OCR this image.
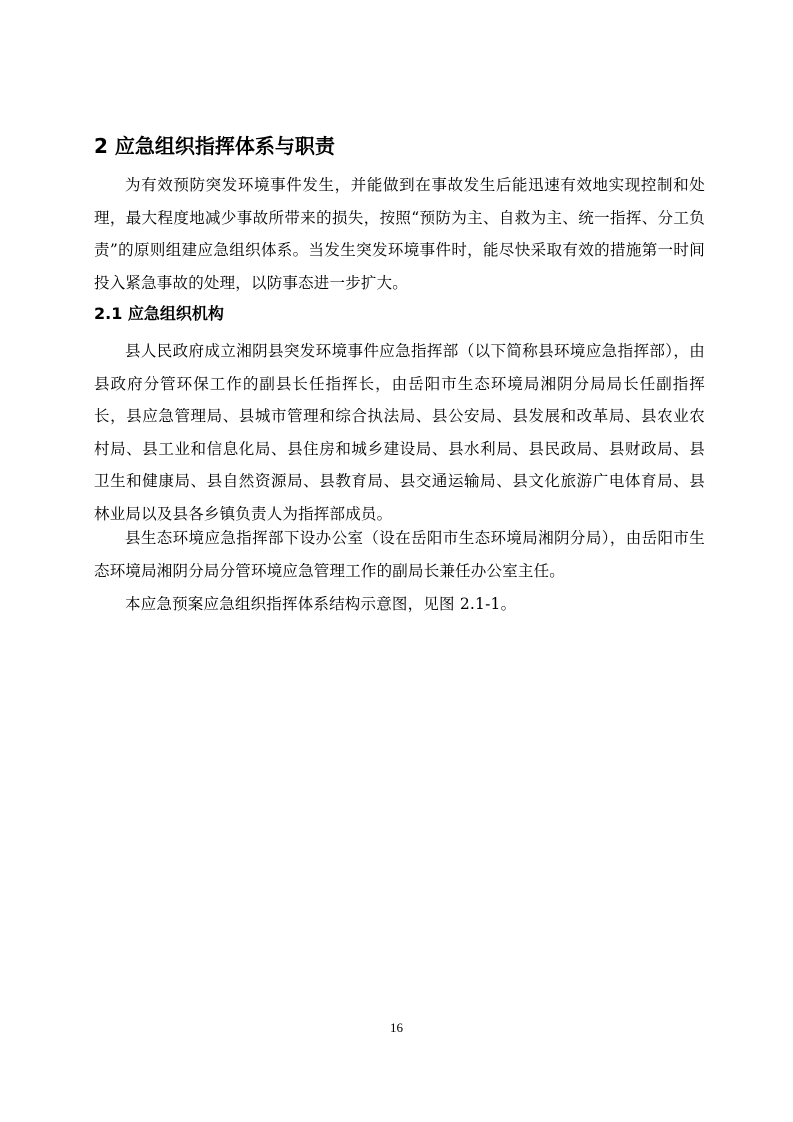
2 应急组织指挥体系与职责

为有效预防突发环境事件发生，并能做到在事故发生后能迅速有效地实现控制和处理，最大程度地减少事故所带来的损失，按照“预防为主、自救为主、统一指挥、分工负责”的原则组建应急组织体系。当发生突发环境事件时，能尽快采取有效的措施第一时间投入紧急事故的处理，以防事态进一步扩大。

2.1 应急组织机构

县人民政府成立湘阴县突发环境事件应急指挥部（以下简称县环境应急指挥部），由县政府分管环保工作的副县长任指挥长，由岳阳市生态环境局湘阴分局局长任副指挥长，县应急管理局、县城市管理和综合执法局、县公安局、县发展和改革局、县农业农村局、县工业和信息化局、县住房和城乡建设局、县水利局、县民政局、县财政局、县卫生和健康局、县自然资源局、县教育局、县交通运输局、县文化旅游广电体育局、县林业局以及县各乡镇负责人为指挥部成员。

县生态环境应急指挥部下设办公室（设在岳阳市生态环境局湘阴分局），由岳阳市生态环境局湘阴分局分管环境应急管理工作的副局长兼任办公室主任。

本应急预案应急组织指挥体系结构示意图，见图 2.1-1。

16
